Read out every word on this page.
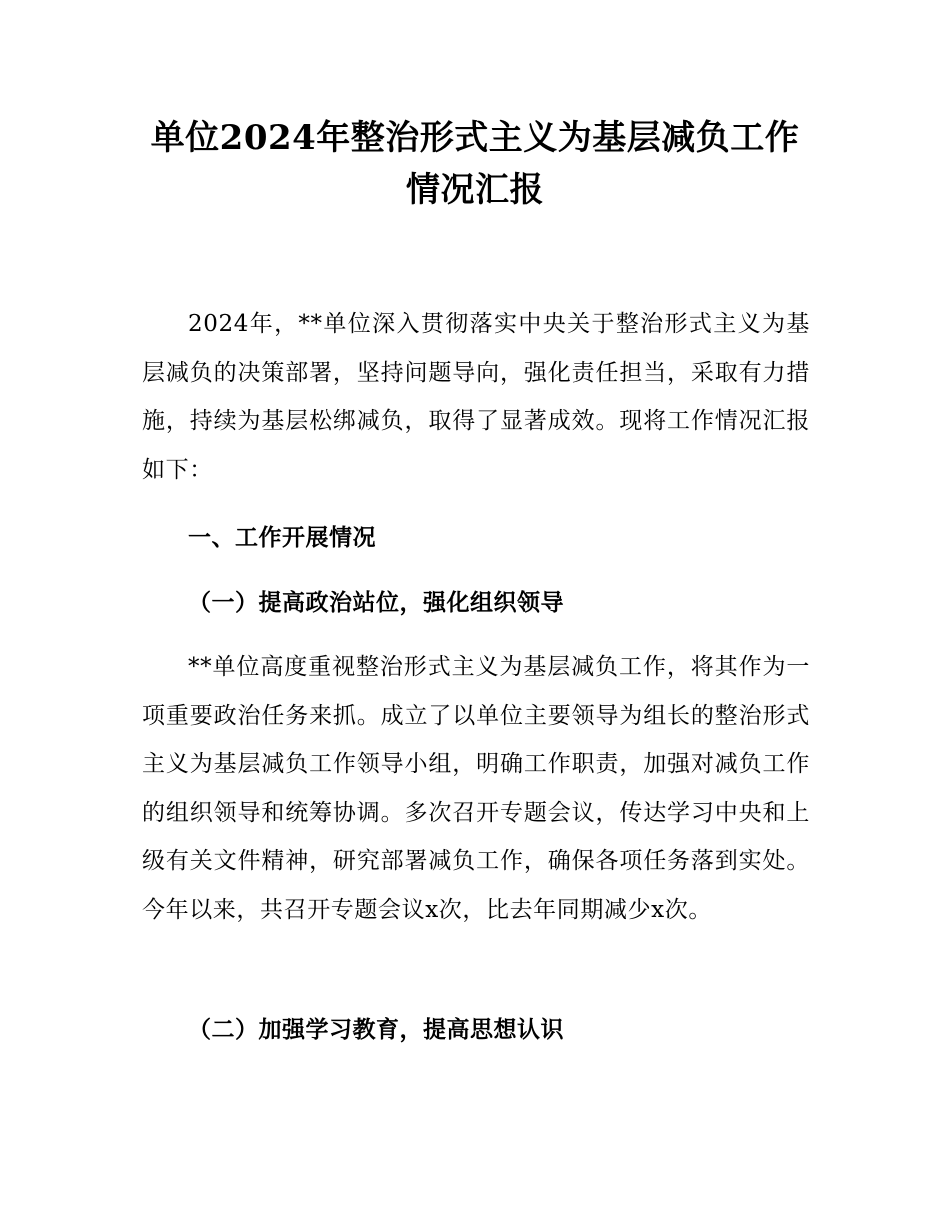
单位2024年整治形式主义为基层减负工作情况汇报

2024年，**单位深入贯彻落实中央关于整治形式主义为基层减负的决策部署，坚持问题导向，强化责任担当，采取有力措施，持续为基层松绑减负，取得了显著成效。现将工作情况汇报如下：

一、工作开展情况
（一）提高政治站位，强化组织领导

**单位高度重视整治形式主义为基层减负工作，将其作为一项重要政治任务来抓。成立了以单位主要领导为组长的整治形式主义为基层减负工作领导小组，明确工作职责，加强对减负工作的组织领导和统筹协调。多次召开专题会议，传达学习中央和上级有关文件精神，研究部署减负工作，确保各项任务落到实处。今年以来，共召开专题会议x次，比去年同期减少x次。

（二）加强学习教育，提高思想认识
